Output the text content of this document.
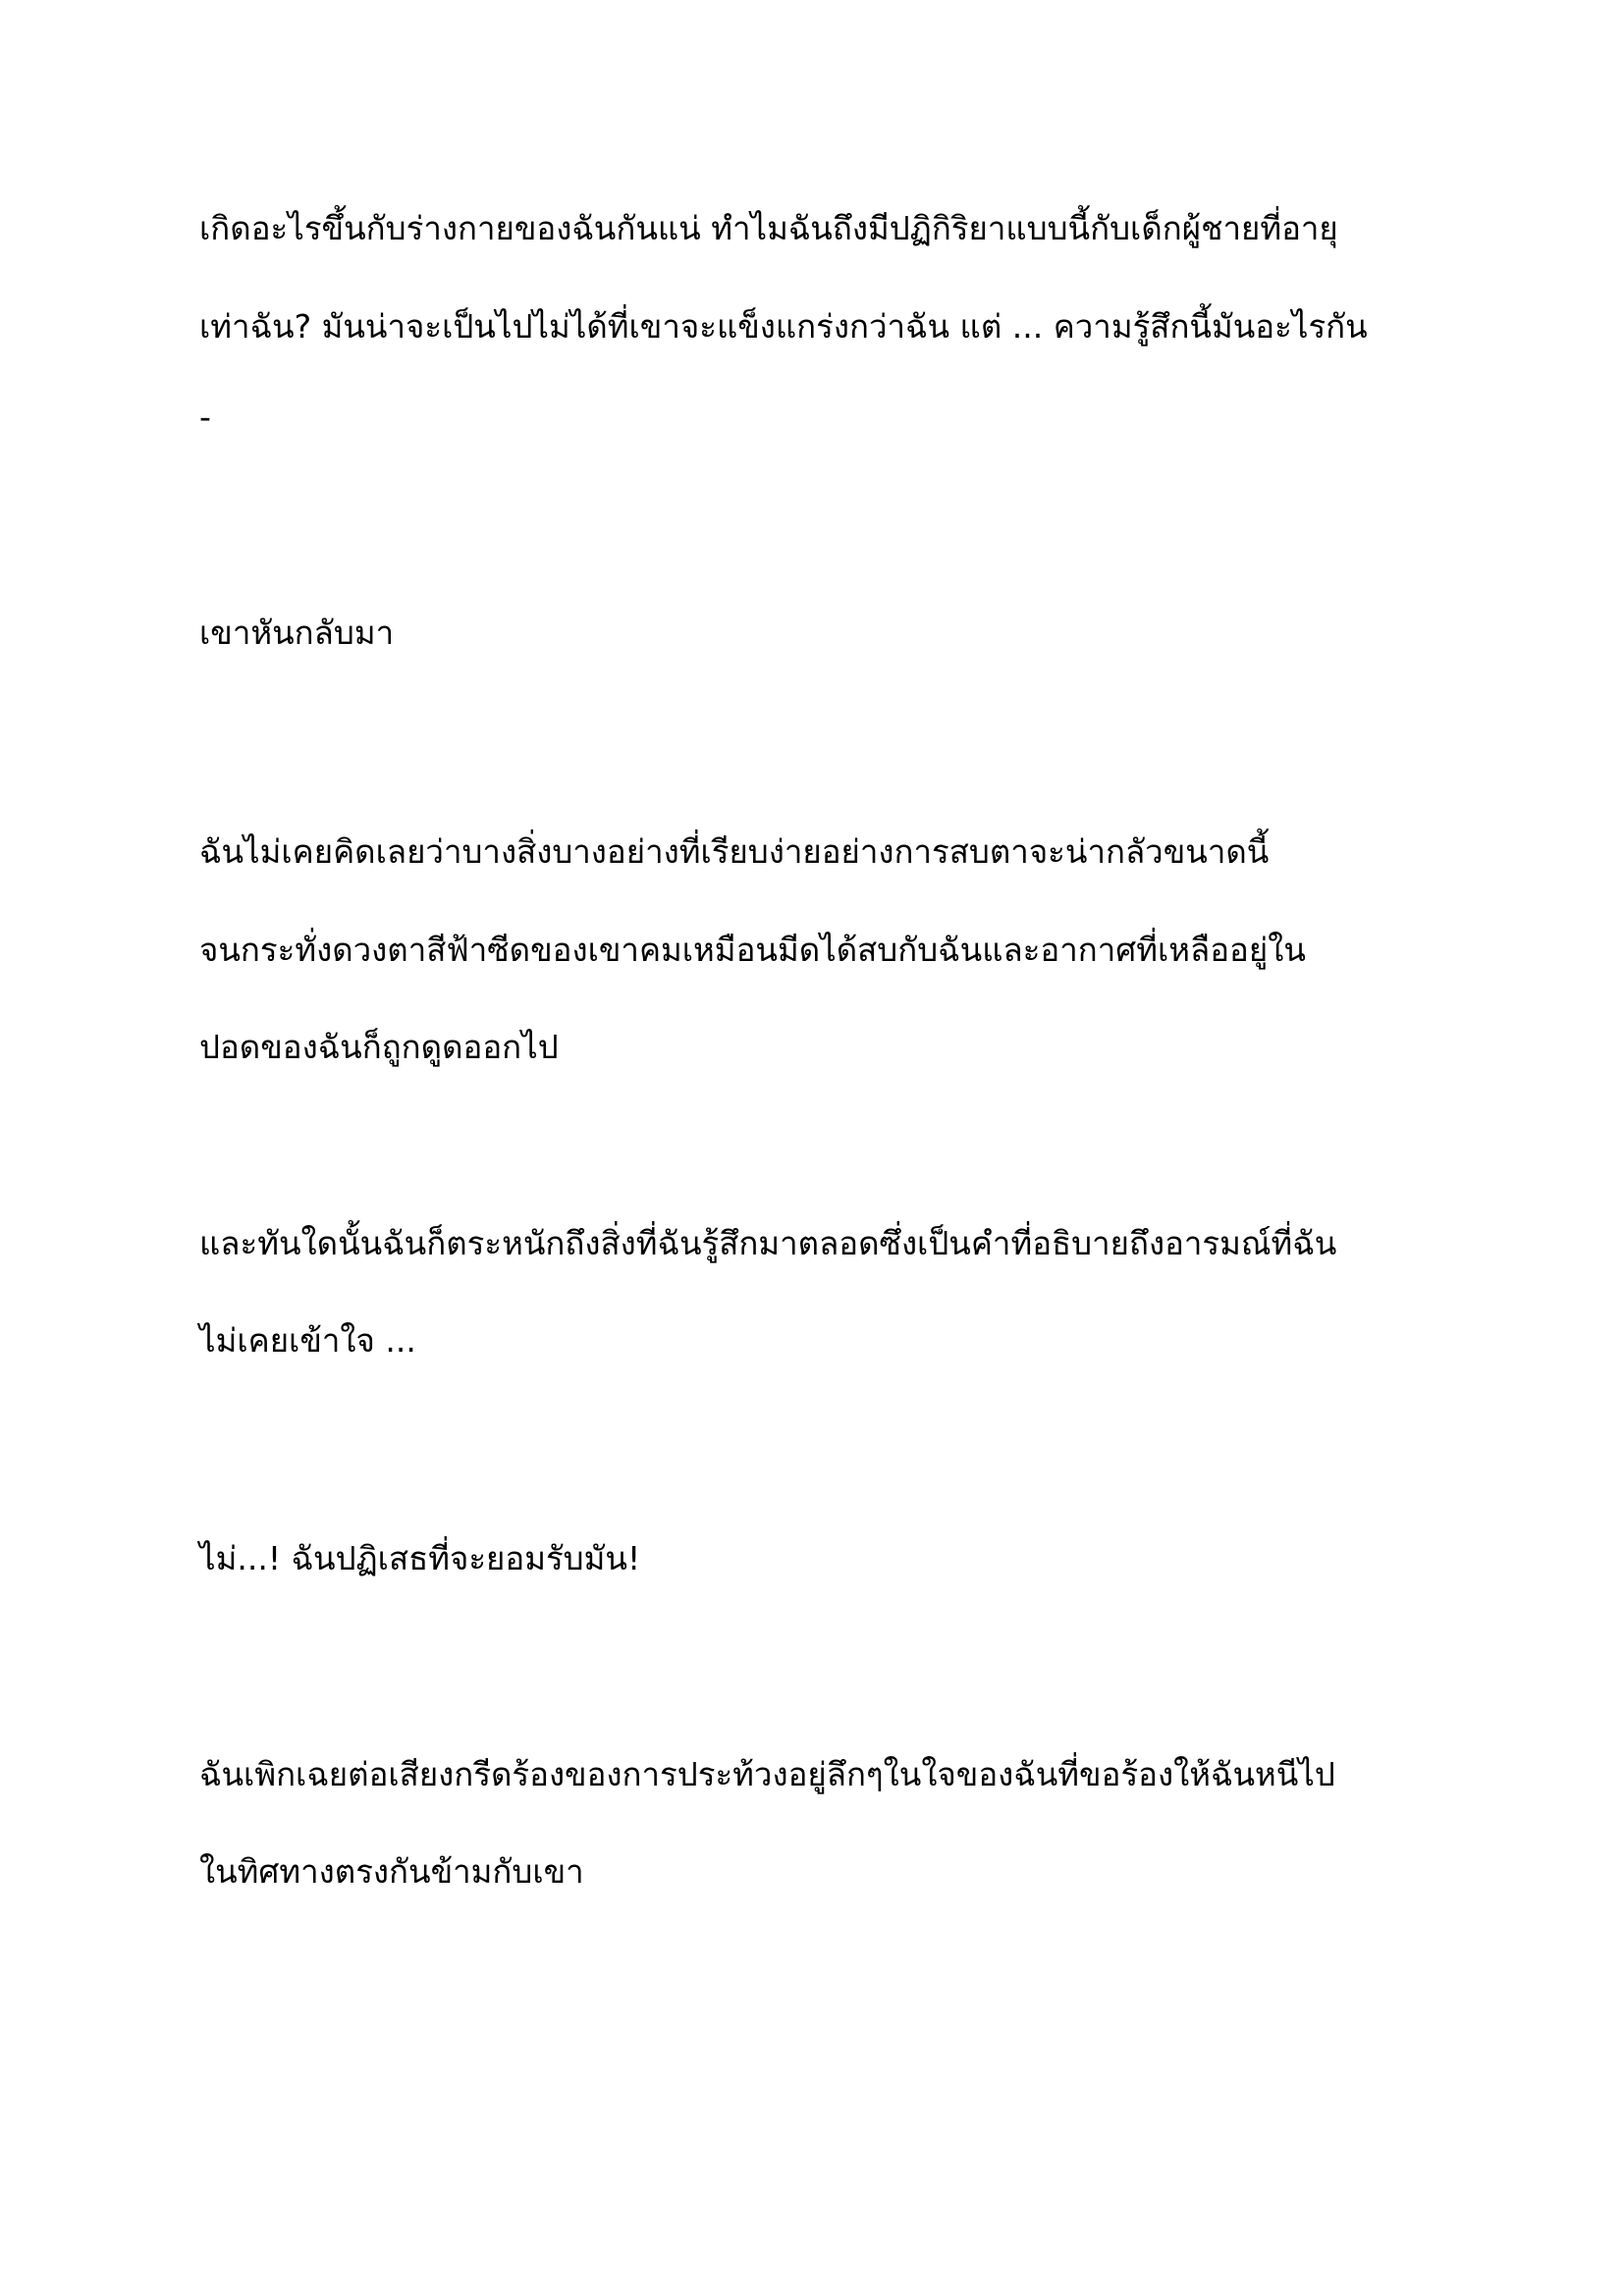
เกิดอะไรขึ้นกับร่างกายของฉันกันแน่ ทำไมฉันถึงมีปฏิกิริยาแบบนี้กับเด็กผู้ชายที่อายุ

เท่าฉัน? มันน่าจะเป็นไปไม่ได้ที่เขาจะแข็งแกร่งกว่าฉัน แต่ ... ความรู้สึกนี้มันอะไรกัน

-

เขาหันกลับมา

ฉันไม่เคยคิดเลยว่าบางสิ่งบางอย่างที่เรียบง่ายอย่างการสบตาจะน่ากลัวขนาดนี้

จนกระทั่งดวงตาสีฟ้าซีดของเขาคมเหมือนมีดได้สบกับฉันและอากาศที่เหลืออยู่ใน

ปอดของฉันก็ถูกดูดออกไป

และทันใดนั้นฉันก็ตระหนักถึงสิ่งที่ฉันรู้สึกมาตลอดซึ่งเป็นคำที่อธิบายถึงอารมณ์ที่ฉัน

ไม่เคยเข้าใจ ...

ไม่...! ฉันปฏิเสธที่จะยอมรับมัน!

ฉันเพิกเฉยต่อเสียงกรีดร้องของการประท้วงอยู่ลึกๆในใจของฉันที่ขอร้องให้ฉันหนีไป

ในทิศทางตรงกันข้ามกับเขา
